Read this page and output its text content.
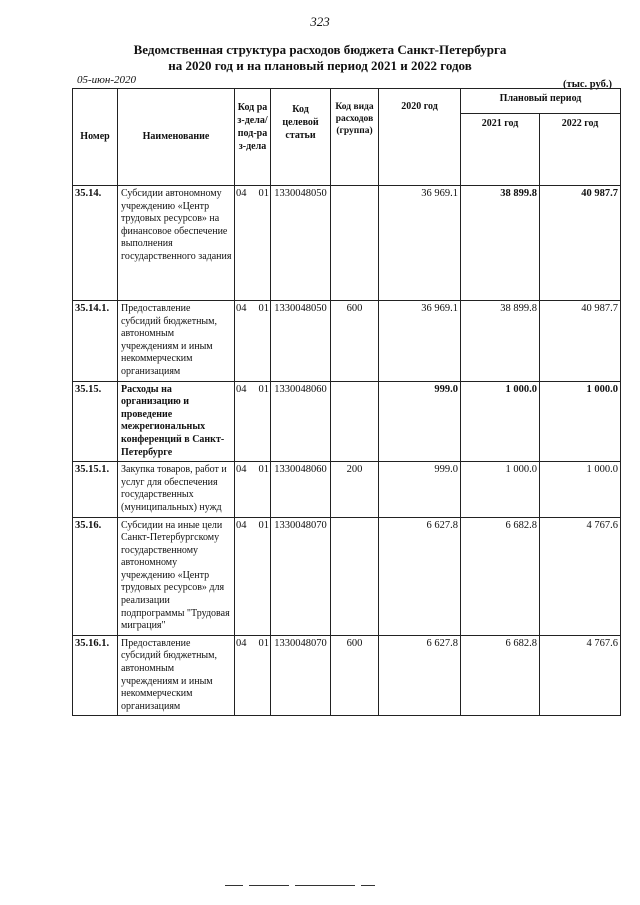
323
Ведомственная структура расходов бюджета Санкт-Петербурга
на 2020 год и на плановый период 2021 и 2022 годов
05-июн-2020	(тыс. руб.)
Номер	Наименование	Код раз-дела/ под-раз-дела		Код целевой статьи	Код вида расходов (группа)	2020 год	Плановый период	
							2021 год	2022 год
35.14.	Субсидии автономному учреждению «Центр трудовых ресурсов» на финансовое обеспечение выполнения государственного задания	04	01	1330048050		36 969.1	38 899.8	40 987.7
35.14.1.	Предоставление субсидий бюджетным, автономным учреждениям и иным некоммерческим организациям	04	01	1330048050	600	36 969.1	38 899.8	40 987.7
35.15.	Расходы на организацию и проведение межрегиональных конференций в Санкт-Петербурге	04	01	1330048060		999.0	1 000.0	1 000.0
35.15.1.	Закупка товаров, работ и услуг для обеспечения государственных (муниципальных) нужд	04	01	1330048060	200	999.0	1 000.0	1 000.0
35.16.	Субсидии на иные цели Санкт-Петербургскому государственному автономному учреждению «Центр трудовых ресурсов» для реализации подпрограммы "Трудовая миграция"	04	01	1330048070		6 627.8	6 682.8	4 767.6
35.16.1.	Предоставление субсидий бюджетным, автономным учреждениям и иным некоммерческим организациям	04	01	1330048070	600	6 627.8	6 682.8	4 767.6
